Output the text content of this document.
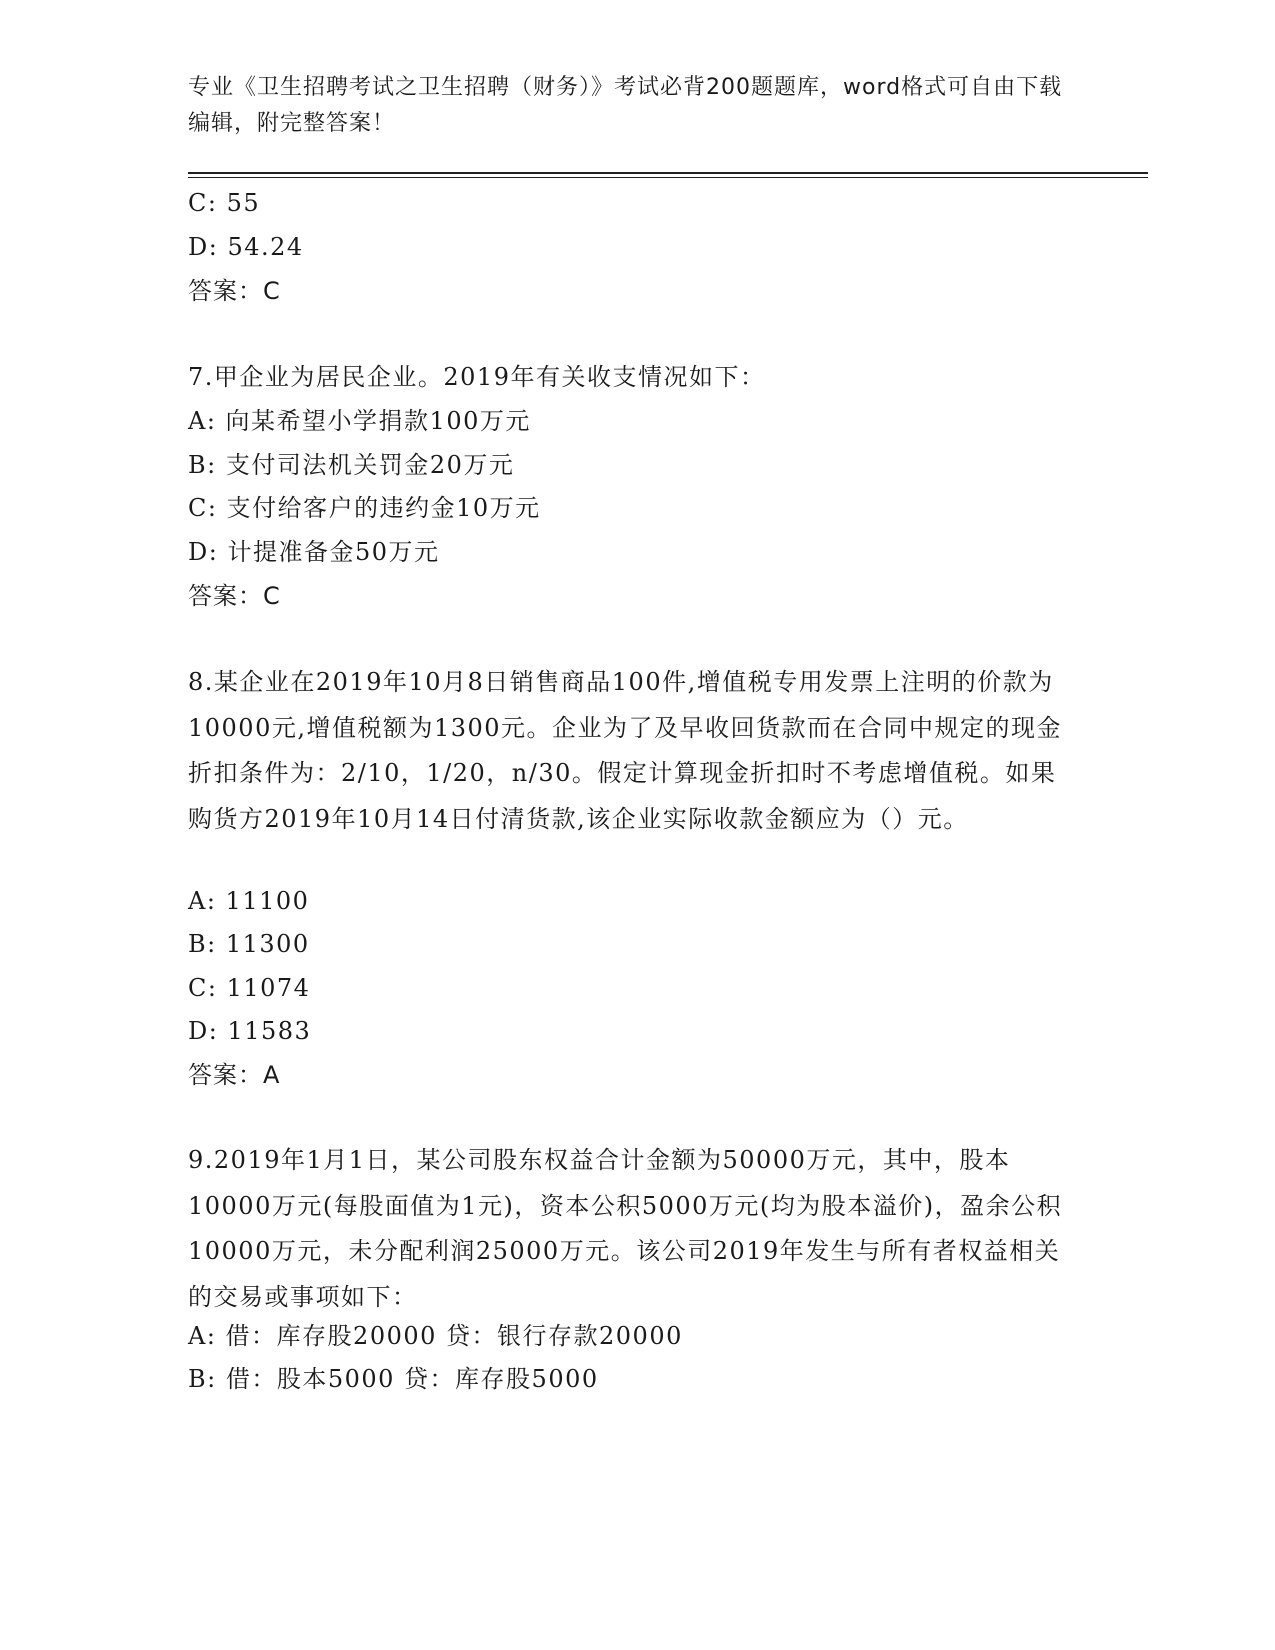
专业《卫生招聘考试之卫生招聘（财务）》考试必背200题题库，word格式可自由下载编辑，附完整答案！
C: 55
D: 54.24
答案：C
7.甲企业为居民企业。2019年有关收支情况如下：
A: 向某希望小学捐款100万元
B: 支付司法机关罚金20万元
C: 支付给客户的违约金10万元
D: 计提准备金50万元
答案：C
8.某企业在2019年10月8日销售商品100件,增值税专用发票上注明的价款为10000元,增值税额为1300元。企业为了及早收回货款而在合同中规定的现金折扣条件为：2/10，1/20，n/30。假定计算现金折扣时不考虑增值税。如果购货方2019年10月14日付清货款,该企业实际收款金额应为（）元。
A: 11100
B: 11300
C: 11074
D: 11583
答案：A
9.2019年1月1日，某公司股东权益合计金额为50000万元，其中，股本10000万元(每股面值为1元)，资本公积5000万元(均为股本溢价)，盈余公积10000万元，未分配利润25000万元。该公司2019年发生与所有者权益相关的交易或事项如下：
A: 借：库存股20000 贷：银行存款20000
B: 借：股本5000 贷：库存股5000
